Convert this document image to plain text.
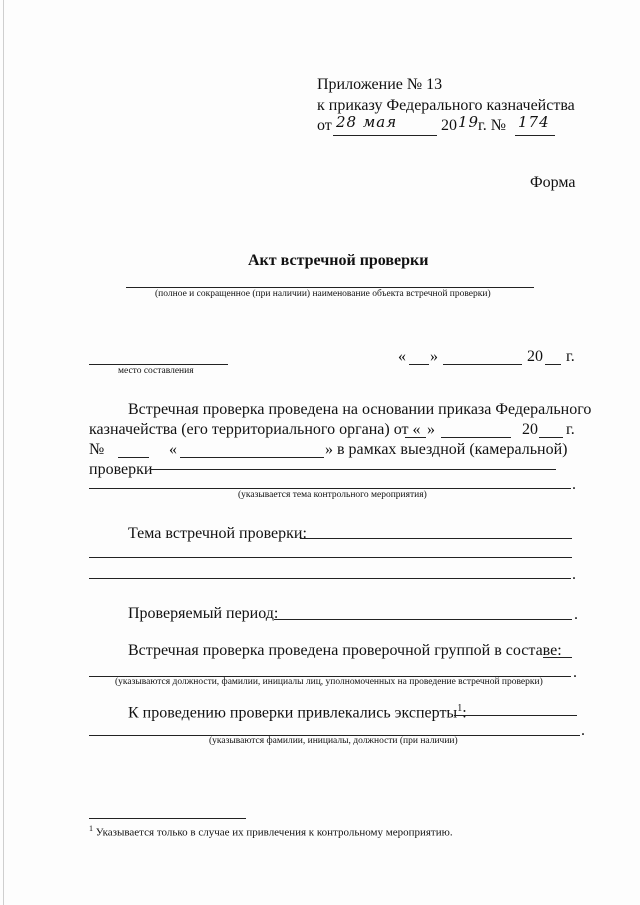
Приложение № 13
к приказу Федерального казначейства
от 28 мая	20 19
г. № 174
Форма
Акт встречной проверки
(полное и сокращенное (при наличии) наименование объекта встречной проверки)
место составления
« »	20 г.
Встречная проверка проведена на основании приказа Федерального
казначейства (его территориального органа) от « »	20 г.
№	«	» в рамках выездной (камеральной)
проверки
.
(указывается тема контрольного мероприятия)
Тема встречной проверки:
.
Проверяемый период:	.
Встречная проверка проведена проверочной группой в составе:
.
(указываются должности, фамилии, инициалы лиц, уполномоченных на проведение встречной проверки)
К проведению проверки привлекались эксперты$^1$:
.
(указываются фамилии, инициалы, должности (при наличии)
$^1$ Указывается только в случае их привлечения к контрольному мероприятию.
